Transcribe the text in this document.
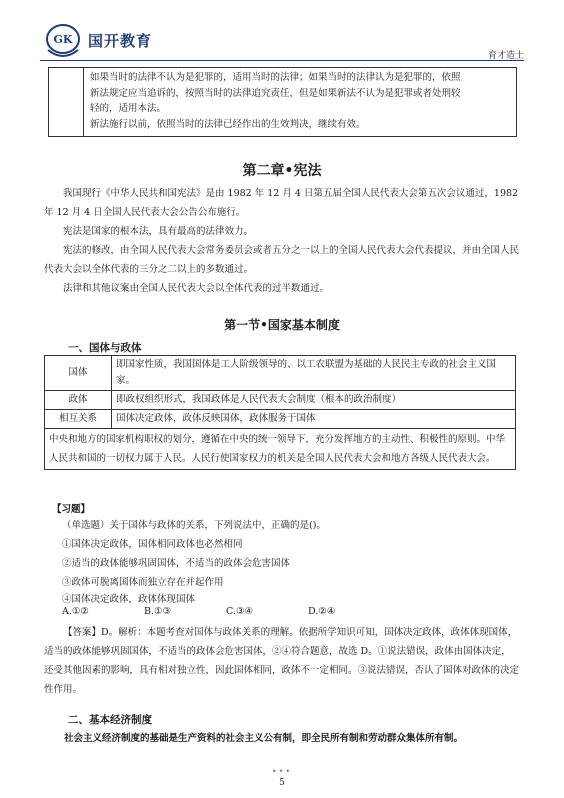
GK 国开教育
育才造士
如果当时的法律不认为是犯罪的，适用当时的法律；如果当时的法律认为是犯罪的，依照
新法规定应当追诉的，按照当时的法律追究责任，但是如果新法不认为是犯罪或者处刑较
轻的，适用本法。
新法施行以前，依照当时的法律已经作出的生效判决，继续有效。
第二章•宪法
我国现行《中华人民共和国宪法》是由 1982 年 12 月 4 日第五届全国人民代表大会第五次会议通过，1982 年 12 月 4 日全国人民代表大会公告公布施行。
宪法是国家的根本法，具有最高的法律效力。
宪法的修改，由全国人民代表大会常务委员会或者五分之一以上的全国人民代表大会代表提议，并由全国人民代表大会以全体代表的三分之二以上的多数通过。
法律和其他议案由全国人民代表大会以全体代表的过半数通过。
第一节•国家基本制度
一、国体与政体
国体	即国家性质，我国国体是工人阶级领导的、以工农联盟为基础的人民民主专政的社会主义国家。
政体	即政权组织形式，我国政体是人民代表大会制度（根本的政治制度）
相互关系	国体决定政体，政体反映国体，政体服务于国体
中央和地方的国家机构职权的划分，遵循在中央的统一领导下，充分发挥地方的主动性、积极性的原则。中华人民共和国的一切权力属于人民。人民行使国家权力的机关是全国人民代表大会和地方各级人民代表大会。	
【习题】
（单选题）关于国体与政体的关系，下列说法中，正确的是()。
①国体决定政体，国体相同政体也必然相同
②适当的政体能够巩固国体，不适当的政体会危害国体
③政体可脱离国体而独立存在并起作用
④国体决定政体，政体体现国体
A.①②	B.①③	C.③④	D.②④
【答案】D。解析：本题考查对国体与政体关系的理解。依据所学知识可知，国体决定政体，政体体现国体，适当的政体能够巩固国体，不适当的政体会危害国体，②④符合题意，故选 D。①说法错误，政体由国体决定，还受其他因素的影响，具有相对独立性，因此国体相同，政体不一定相同。③说法错误，否认了国体对政体的决定性作用。
二、基本经济制度
社会主义经济制度的基础是生产资料的社会主义公有制，即全民所有制和劳动群众集体所有制。
•••
5
